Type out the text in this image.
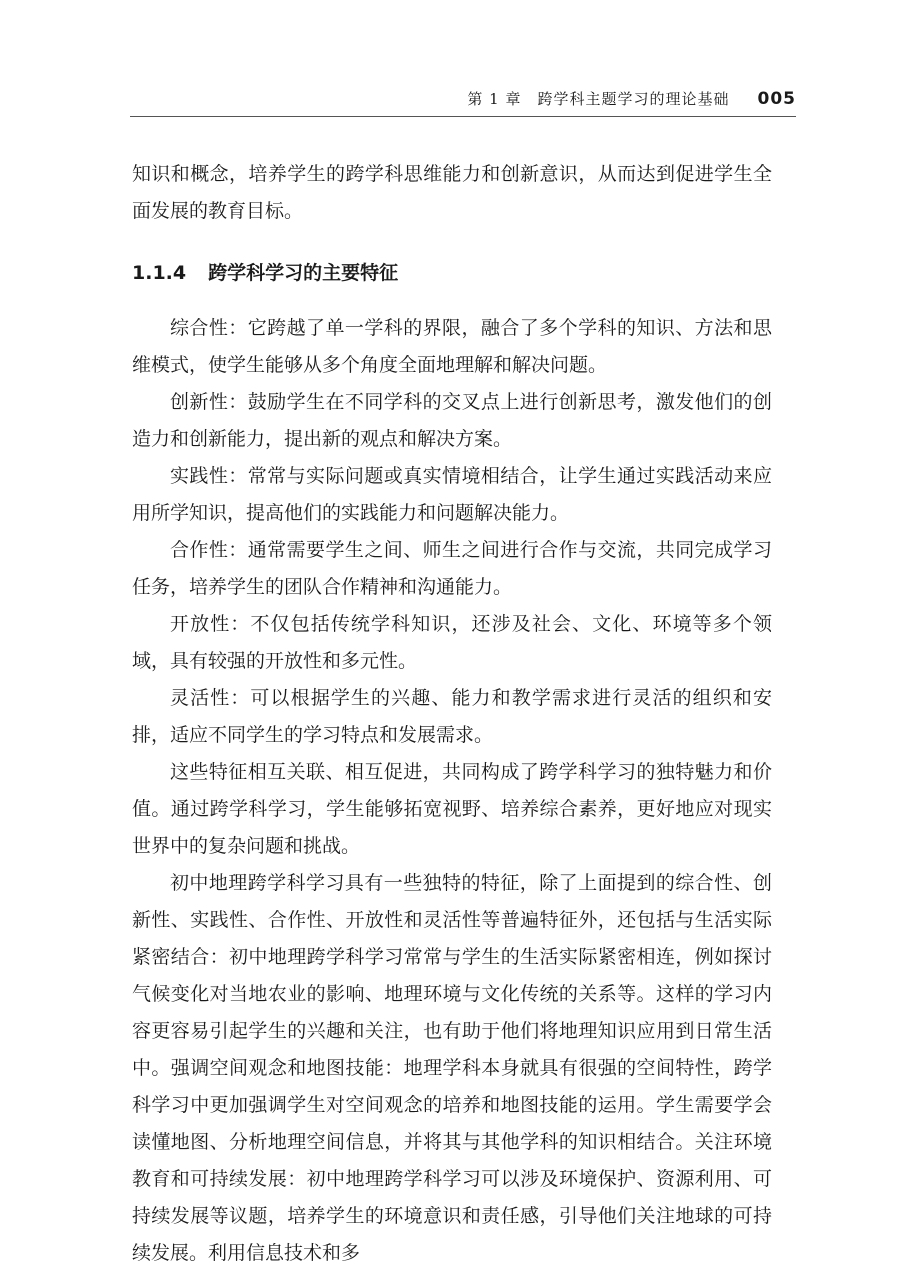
第 1 章　跨学科主题学习的理论基础 005

知识和概念，培养学生的跨学科思维能力和创新意识，从而达到促进学生全面发展的教育目标。

1.1.4 跨学科学习的主要特征

综合性：它跨越了单一学科的界限，融合了多个学科的知识、方法和思维模式，使学生能够从多个角度全面地理解和解决问题。

创新性：鼓励学生在不同学科的交叉点上进行创新思考，激发他们的创造力和创新能力，提出新的观点和解决方案。

实践性：常常与实际问题或真实情境相结合，让学生通过实践活动来应用所学知识，提高他们的实践能力和问题解决能力。

合作性：通常需要学生之间、师生之间进行合作与交流，共同完成学习任务，培养学生的团队合作精神和沟通能力。

开放性：不仅包括传统学科知识，还涉及社会、文化、环境等多个领域，具有较强的开放性和多元性。

灵活性：可以根据学生的兴趣、能力和教学需求进行灵活的组织和安排，适应不同学生的学习特点和发展需求。

这些特征相互关联、相互促进，共同构成了跨学科学习的独特魅力和价值。通过跨学科学习，学生能够拓宽视野、培养综合素养，更好地应对现实世界中的复杂问题和挑战。

初中地理跨学科学习具有一些独特的特征，除了上面提到的综合性、创新性、实践性、合作性、开放性和灵活性等普遍特征外，还包括与生活实际紧密结合：初中地理跨学科学习常常与学生的生活实际紧密相连，例如探讨气候变化对当地农业的影响、地理环境与文化传统的关系等。这样的学习内容更容易引起学生的兴趣和关注，也有助于他们将地理知识应用到日常生活中。强调空间观念和地图技能：地理学科本身就具有很强的空间特性，跨学科学习中更加强调学生对空间观念的培养和地图技能的运用。学生需要学会读懂地图、分析地理空间信息，并将其与其他学科的知识相结合。关注环境教育和可持续发展：初中地理跨学科学习可以涉及环境保护、资源利用、可持续发展等议题，培养学生的环境意识和责任感，引导他们关注地球的可持续发展。利用信息技术和多
